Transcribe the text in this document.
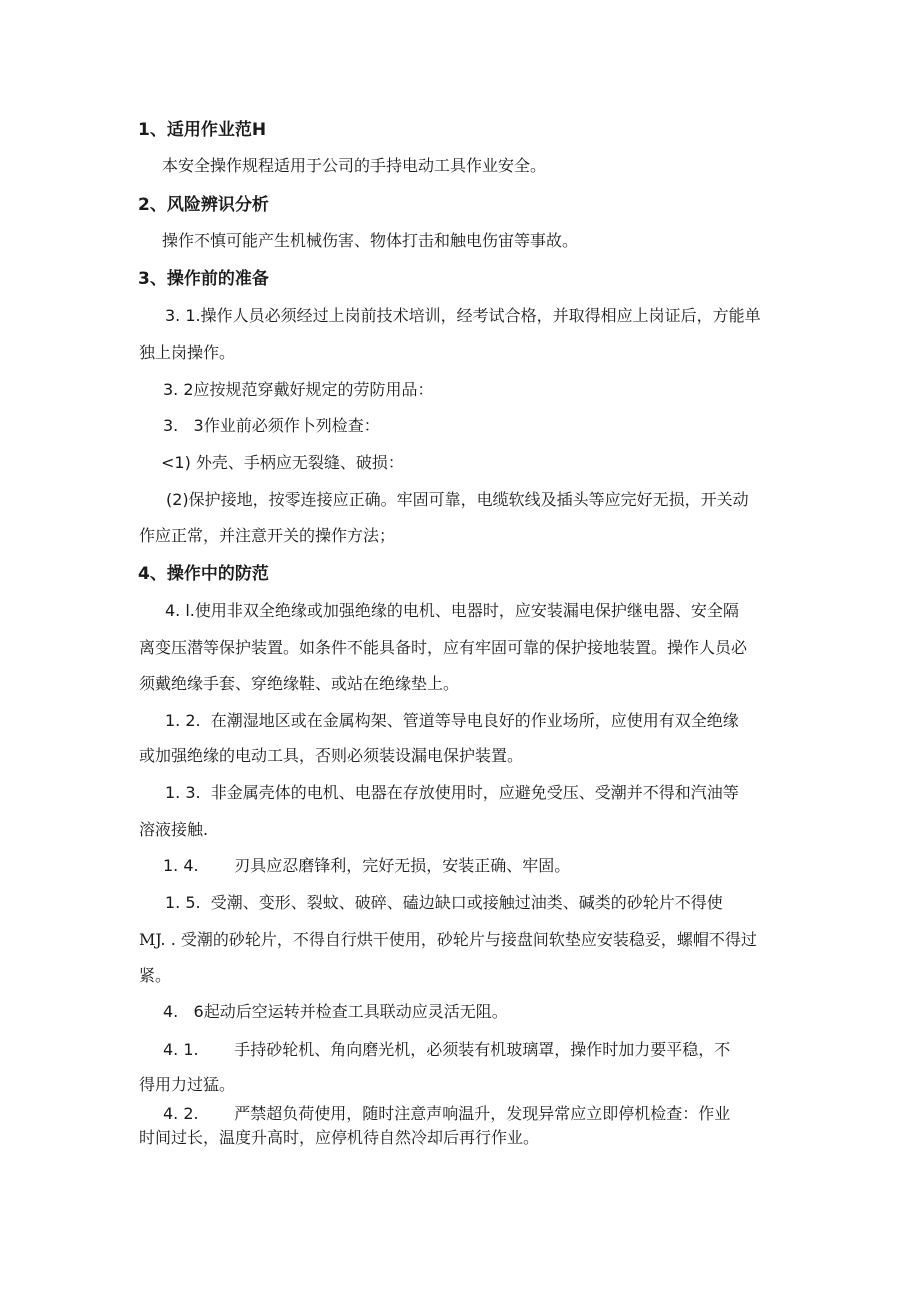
1、适用作业范H
本安全操作规程适用于公司的手持电动工具作业安全。
2、风险辨识分析
操作不慎可能产生机械伤害、物体打击和触电伤宙等事故。
3、操作前的准备
3. 1.操作人员必须经过上岗前技术培训，经考试合格，并取得相应上岗证后，方能单
独上岗操作。
3. 2应按规范穿戴好规定的劳防用品：
3.   3作业前必须作卜列检查：
<1) 外壳、手柄应无裂缝、破损：
(2)保护接地，按零连接应正确。牢固可靠，电缆软线及插头等应完好无损，开关动
作应正常，并注意开关的操作方法；
4、操作中的防范
4. l.使用非双全绝缘或加强绝缘的电机、电器时，应安装漏电保护继电器、安全隔
离变压潜等保护装置。如条件不能具备时，应有牢固可靠的保护接地装置。操作人员必
须戴绝缘手套、穿绝缘鞋、或站在绝缘垫上。
1. 2.  在潮湿地区或在金属构架、管道等导电良好的作业场所，应使用有双全绝缘
或加强绝缘的电动工具，否则必须装设漏电保护装置。
1. 3.  非金属壳体的电机、电器在存放使用时，应避免受压、受潮并不得和汽油等
溶液接触.
1. 4.       刃具应忍磨锋利，完好无损，安装正确、牢固。
1. 5.  受潮、变形、裂蚊、破碎、磕边缺口或接触过油类、碱类的砂轮片不得使
MJ. . 受潮的砂轮片，不得自行烘干使用，砂轮片与接盘间软垫应安装稳妥，螺帽不得过
紧。
4.   6起动后空运转并检查工具联动应灵活无阻。
4. 1.       手持砂轮机、角向磨光机，必须装有机玻璃罩，操作时加力要平稳，不
得用力过猛。
4. 2.       严禁超负荷使用，随时注意声响温升，发现异常应立即停机检查：作业
时间过长，温度升高时，应停机待自然冷却后再行作业。
